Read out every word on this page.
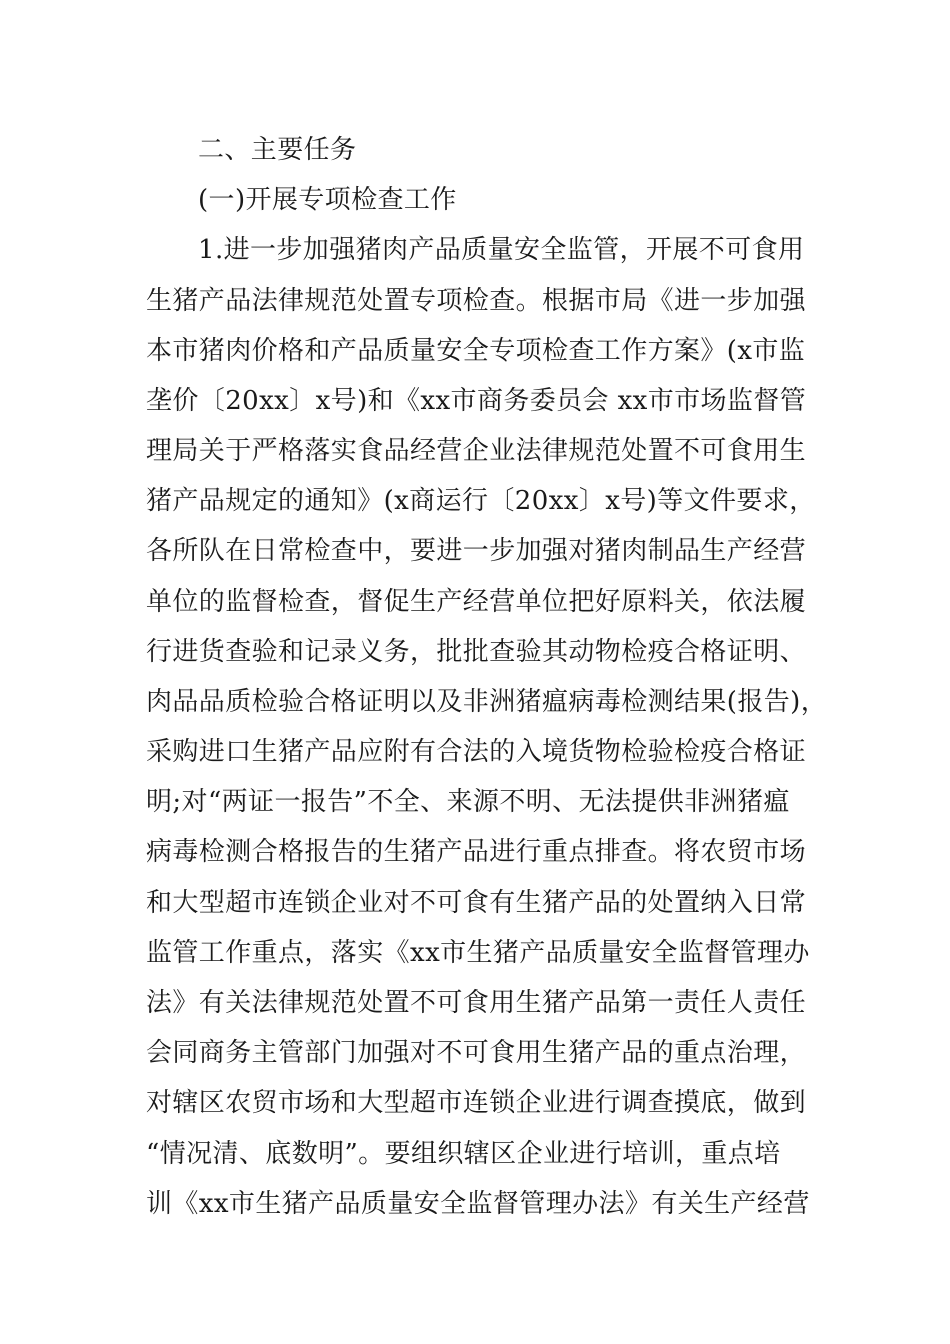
二、主要任务

(一)开展专项检查工作

1.进一步加强猪肉产品质量安全监管，开展不可食用

生猪产品法律规范处置专项检查。根据市局《进一步加强

本市猪肉价格和产品质量安全专项检查工作方案》(x市监

垄价〔20xx〕x号)和《xx市商务委员会 xx市市场监督管

理局关于严格落实食品经营企业法律规范处置不可食用生

猪产品规定的通知》(x商运行〔20xx〕x号)等文件要求，

各所队在日常检查中，要进一步加强对猪肉制品生产经营

单位的监督检查，督促生产经营单位把好原料关，依法履

行进货查验和记录义务，批批查验其动物检疫合格证明、

肉品品质检验合格证明以及非洲猪瘟病毒检测结果(报告)，

采购进口生猪产品应附有合法的入境货物检验检疫合格证

明;对“两证一报告”不全、来源不明、无法提供非洲猪瘟

病毒检测合格报告的生猪产品进行重点排查。将农贸市场

和大型超市连锁企业对不可食有生猪产品的处置纳入日常

监管工作重点，落实《xx市生猪产品质量安全监督管理办

法》有关法律规范处置不可食用生猪产品第一责任人责任

会同商务主管部门加强对不可食用生猪产品的重点治理，

对辖区农贸市场和大型超市连锁企业进行调查摸底，做到

“情况清、底数明”。要组织辖区企业进行培训，重点培

训《xx市生猪产品质量安全监督管理办法》有关生产经营
